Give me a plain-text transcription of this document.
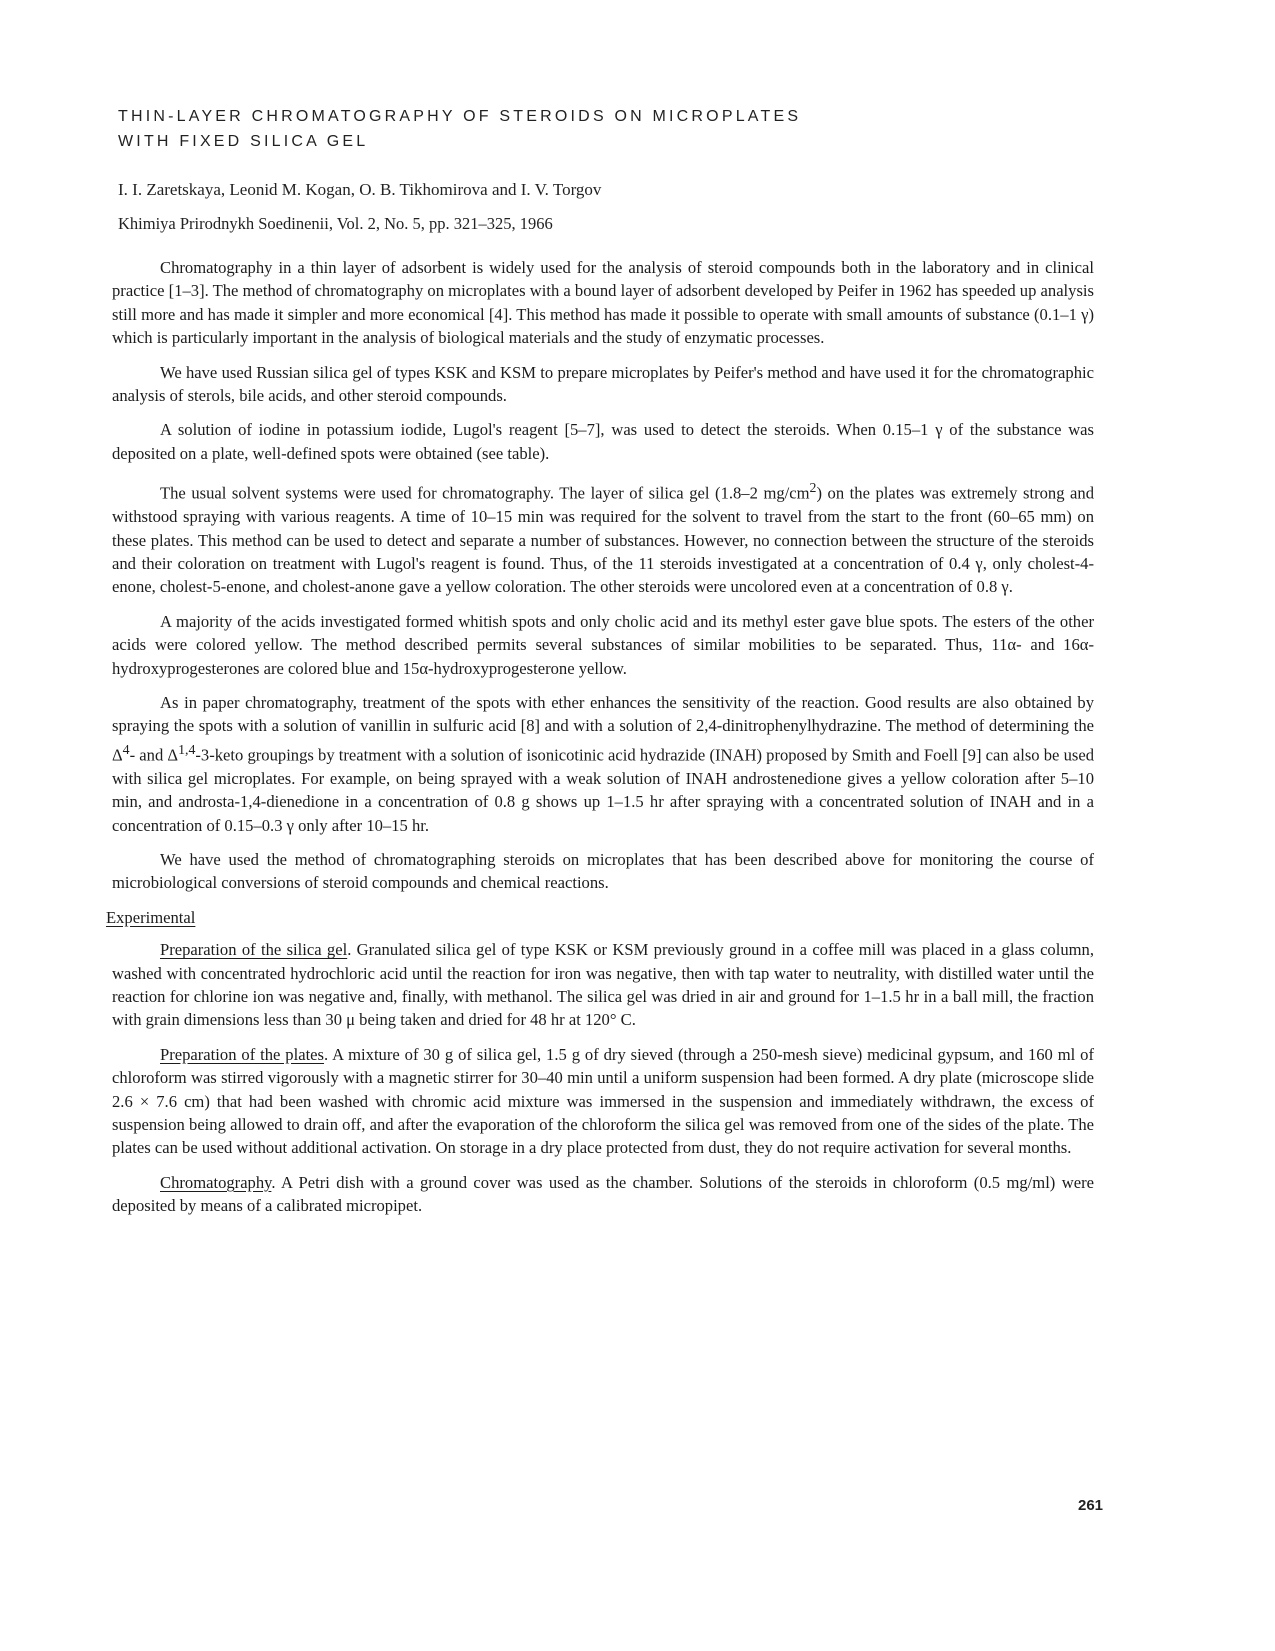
THIN-LAYER CHROMATOGRAPHY OF STEROIDS ON MICROPLATES
WITH FIXED SILICA GEL
I. I. Zaretskaya, Leonid M. Kogan, O. B. Tikhomirova and I. V. Torgov
Khimiya Prirodnykh Soedinenii, Vol. 2, No. 5, pp. 321–325, 1966

Chromatography in a thin layer of adsorbent is widely used for the analysis of steroid compounds both in the laboratory and in clinical practice [1–3]. The method of chromatography on microplates with a bound layer of adsorbent developed by Peifer in 1962 has speeded up analysis still more and has made it simpler and more economical [4]. This method has made it possible to operate with small amounts of substance (0.1–1 γ) which is particularly important in the analysis of biological materials and the study of enzymatic processes.

We have used Russian silica gel of types KSK and KSM to prepare microplates by Peifer's method and have used it for the chromatographic analysis of sterols, bile acids, and other steroid compounds.

A solution of iodine in potassium iodide, Lugol's reagent [5–7], was used to detect the steroids. When 0.15–1 γ of the substance was deposited on a plate, well-defined spots were obtained (see table).

The usual solvent systems were used for chromatography. The layer of silica gel (1.8–2 $mg/cm^2$) on the plates was extremely strong and withstood spraying with various reagents. A time of 10–15 min was required for the solvent to travel from the start to the front (60–65 mm) on these plates. This method can be used to detect and separate a number of substances. However, no connection between the structure of the steroids and their coloration on treatment with Lugol's reagent is found. Thus, of the 11 steroids investigated at a concentration of 0.4 γ, only cholest-4-enone, cholest-5-enone, and cholest-anone gave a yellow coloration. The other steroids were uncolored even at a concentration of 0.8 γ.

A majority of the acids investigated formed whitish spots and only cholic acid and its methyl ester gave blue spots. The esters of the other acids were colored yellow. The method described permits several substances of similar mobilities to be separated. Thus, 11α- and 16α-hydroxyprogesterones are colored blue and 15α-hydroxyprogesterone yellow.

As in paper chromatography, treatment of the spots with ether enhances the sensitivity of the reaction. Good results are also obtained by spraying the spots with a solution of vanillin in sulfuric acid [8] and with a solution of 2,4-dinitrophenylhydrazine. The method of determining the $\Delta^4-$ and Δ$^{1,4}$-3-keto groupings by treatment with a solution of isonicotinic acid hydrazide (INAH) proposed by Smith and Foell [9] can also be used with silica gel microplates. For example, on being sprayed with a weak solution of INAH androstenedione gives a yellow coloration after 5–10 min, and androsta-1,4-dienedione in a concentration of 0.8 g shows up 1–1.5 hr after spraying with a concentrated solution of INAH and in a concentration of 0.15–0.3 γ only after 10–15 hr.

We have used the method of chromatographing steroids on microplates that has been described above for monitoring the course of microbiological conversions of steroid compounds and chemical reactions.

Experimental

Preparation of the silica gel. Granulated silica gel of type KSK or KSM previously ground in a coffee mill was placed in a glass column, washed with concentrated hydrochloric acid until the reaction for iron was negative, then with tap water to neutrality, with distilled water until the reaction for chlorine ion was negative and, finally, with methanol. The silica gel was dried in air and ground for 1–1.5 hr in a ball mill, the fraction with grain dimensions less than 30 μ being taken and dried for 48 hr at 120° C.

Preparation of the plates. A mixture of 30 g of silica gel, 1.5 g of dry sieved (through a 250-mesh sieve) medicinal gypsum, and 160 ml of chloroform was stirred vigorously with a magnetic stirrer for 30–40 min until a uniform suspension had been formed. A dry plate (microscope slide 2.6 × 7.6 cm) that had been washed with chromic acid mixture was immersed in the suspension and immediately withdrawn, the excess of suspension being allowed to drain off, and after the evaporation of the chloroform the silica gel was removed from one of the sides of the plate. The plates can be used without additional activation. On storage in a dry place protected from dust, they do not require activation for several months.

Chromatography. A Petri dish with a ground cover was used as the chamber. Solutions of the steroids in chloroform (0.5 mg/ml) were deposited by means of a calibrated micropipet.

261
